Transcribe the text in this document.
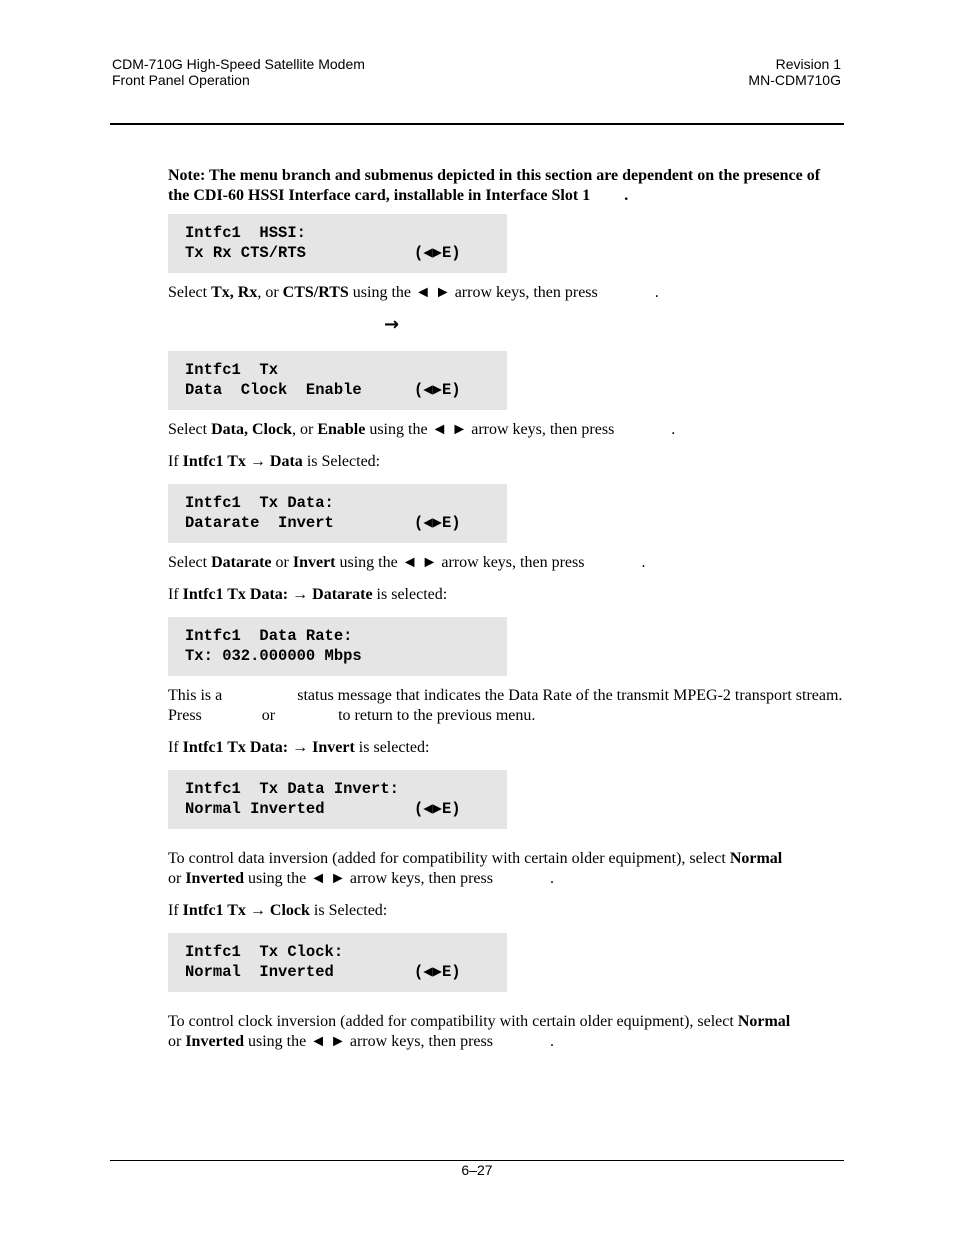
CDM-710G High-Speed Satellite Modem
Front Panel Operation
Revision 1
MN-CDM710G

Note: The menu branch and submenus depicted in this section are dependent on the presence of the CDI-60 HSSI Interface card, installable in Interface Slot 1 .

Intfc1  HSSI:
Tx Rx CTS/RTS	(◀▶E)

Select Tx, Rx, or CTS/RTS using the ◄ ► arrow keys, then press	.

→
Intfc1  Tx
Data  Clock  Enable	(◀▶E)

Select Data, Clock, or Enable using the ◄ ► arrow keys, then press	.

If Intfc1 Tx → Data is Selected:

Intfc1  Tx Data:
Datarate  Invert	(◀▶E)

Select Datarate or Invert using the ◄ ► arrow keys, then press	.

If Intfc1 Tx Data: → Datarate is selected:

Intfc1  Data Rate:
Tx: 032.000000 Mbps

This is a	status message that indicates the Data Rate of the transmit MPEG-2 transport stream. Press	or	to return to the previous menu.

If Intfc1 Tx Data: → Invert is selected:

Intfc1  Tx Data Invert:
Normal Inverted	(◀▶E)

To control data inversion (added for compatibility with certain older equipment), select Normal
or Inverted using the ◄ ► arrow keys, then press	.

If Intfc1 Tx → Clock is Selected:

Intfc1  Tx Clock:
Normal  Inverted	(◀▶E)

To control clock inversion (added for compatibility with certain older equipment), select Normal
or Inverted using the ◄ ► arrow keys, then press	.

6–27
